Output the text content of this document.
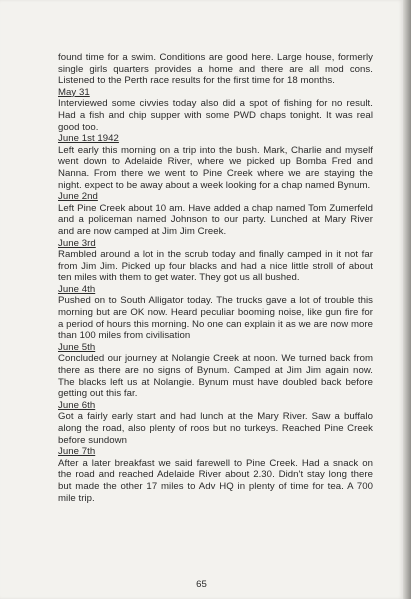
found time for a swim. Conditions are good here. Large house, formerly single girls quarters provides a home and there are all mod cons. Listened to the Perth race results for the first time for 18 months.

May 31

Interviewed some civvies today also did a spot of fishing for no result. Had a fish and chip supper with some PWD chaps tonight. It was real good too.

June 1st 1942

Left early this morning on a trip into the bush. Mark, Charlie and myself went down to Adelaide River, where we picked up Bomba Fred and Nanna. From there we went to Pine Creek where we are staying the night. expect to be away about a week looking for a chap named Bynum.

June 2nd

Left Pine Creek about 10 am. Have added a chap named Tom Zumerfeld and a policeman named Johnson to our party. Lunched at Mary River and are now camped at Jim Jim Creek.

June 3rd

Rambled around a lot in the scrub today and finally camped in it not far from Jim Jim. Picked up four blacks and had a nice little stroll of about ten miles with them to get water. They got us all bushed.

June 4th

Pushed on to South Alligator today. The trucks gave a lot of trouble this morning but are OK now. Heard peculiar booming noise, like gun fire for a period of hours this morning. No one can explain it as we are now more than 100 miles from civilisation

June 5th

Concluded our journey at Nolangie Creek at noon. We turned back from there as there are no signs of Bynum. Camped at Jim Jim again now. The blacks left us at Nolangie. Bynum must have doubled back before getting out this far.

June 6th

Got a fairly early start and had lunch at the Mary River. Saw a buffalo along the road, also plenty of roos but no turkeys. Reached Pine Creek before sundown

June 7th

After a later breakfast we said farewell to Pine Creek. Had a snack on the road and reached Adelaide River about 2.30. Didn't stay long there but made the other 17 miles to Adv HQ in plenty of time for tea. A 700 mile trip.

65
